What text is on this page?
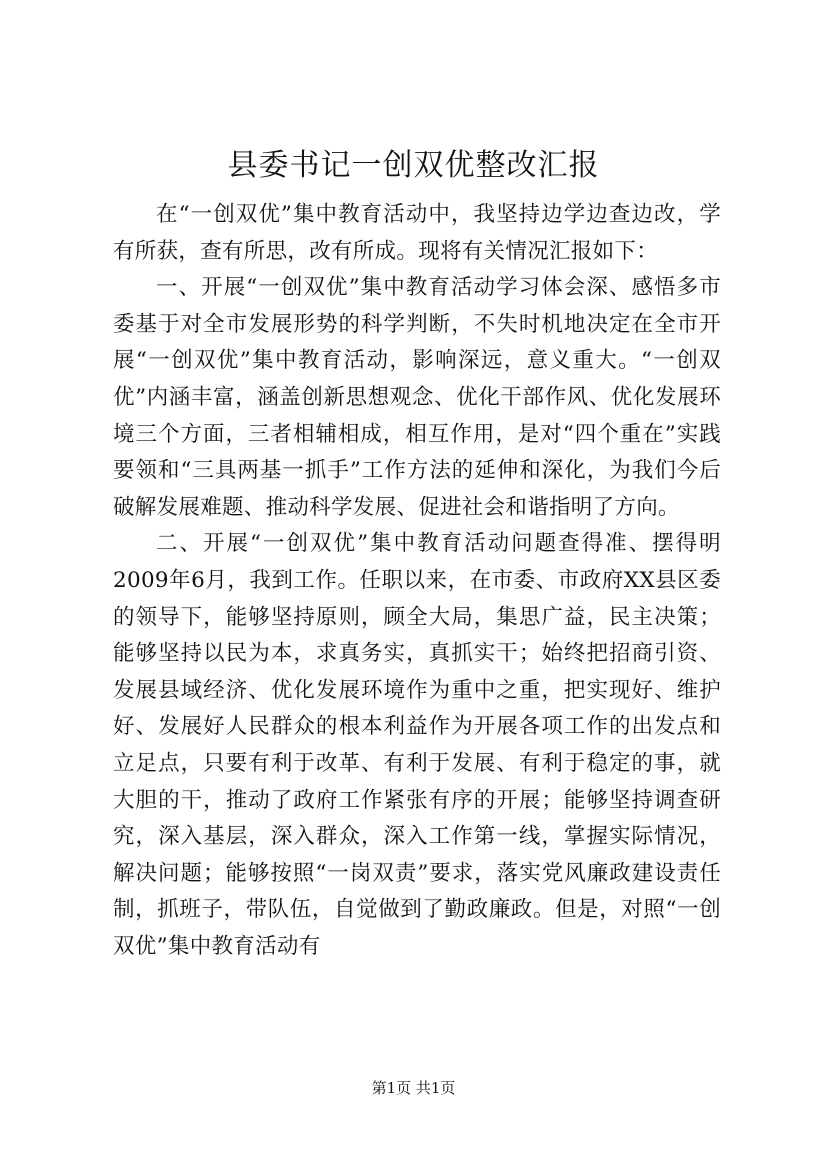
县委书记一创双优整改汇报

在“一创双优”集中教育活动中，我坚持边学边查边改，学有所获，查有所思，改有所成。现将有关情况汇报如下：

一、开展“一创双优”集中教育活动学习体会深、感悟多市委基于对全市发展形势的科学判断，不失时机地决定在全市开展“一创双优”集中教育活动，影响深远，意义重大。“一创双优”内涵丰富，涵盖创新思想观念、优化干部作风、优化发展环境三个方面，三者相辅相成，相互作用，是对“四个重在”实践要领和“三具两基一抓手”工作方法的延伸和深化，为我们今后破解发展难题、推动科学发展、促进社会和谐指明了方向。

二、开展“一创双优”集中教育活动问题查得准、摆得明2009年6月，我到工作。任职以来，在市委、市政府XX县区委的领导下，能够坚持原则，顾全大局，集思广益，民主决策；能够坚持以民为本，求真务实，真抓实干；始终把招商引资、发展县域经济、优化发展环境作为重中之重，把实现好、维护好、发展好人民群众的根本利益作为开展各项工作的出发点和立足点，只要有利于改革、有利于发展、有利于稳定的事，就大胆的干，推动了政府工作紧张有序的开展；能够坚持调查研究，深入基层，深入群众，深入工作第一线，掌握实际情况，解决问题；能够按照“一岗双责”要求，落实党风廉政建设责任制，抓班子，带队伍，自觉做到了勤政廉政。但是，对照“一创双优”集中教育活动有

第1页 共1页
